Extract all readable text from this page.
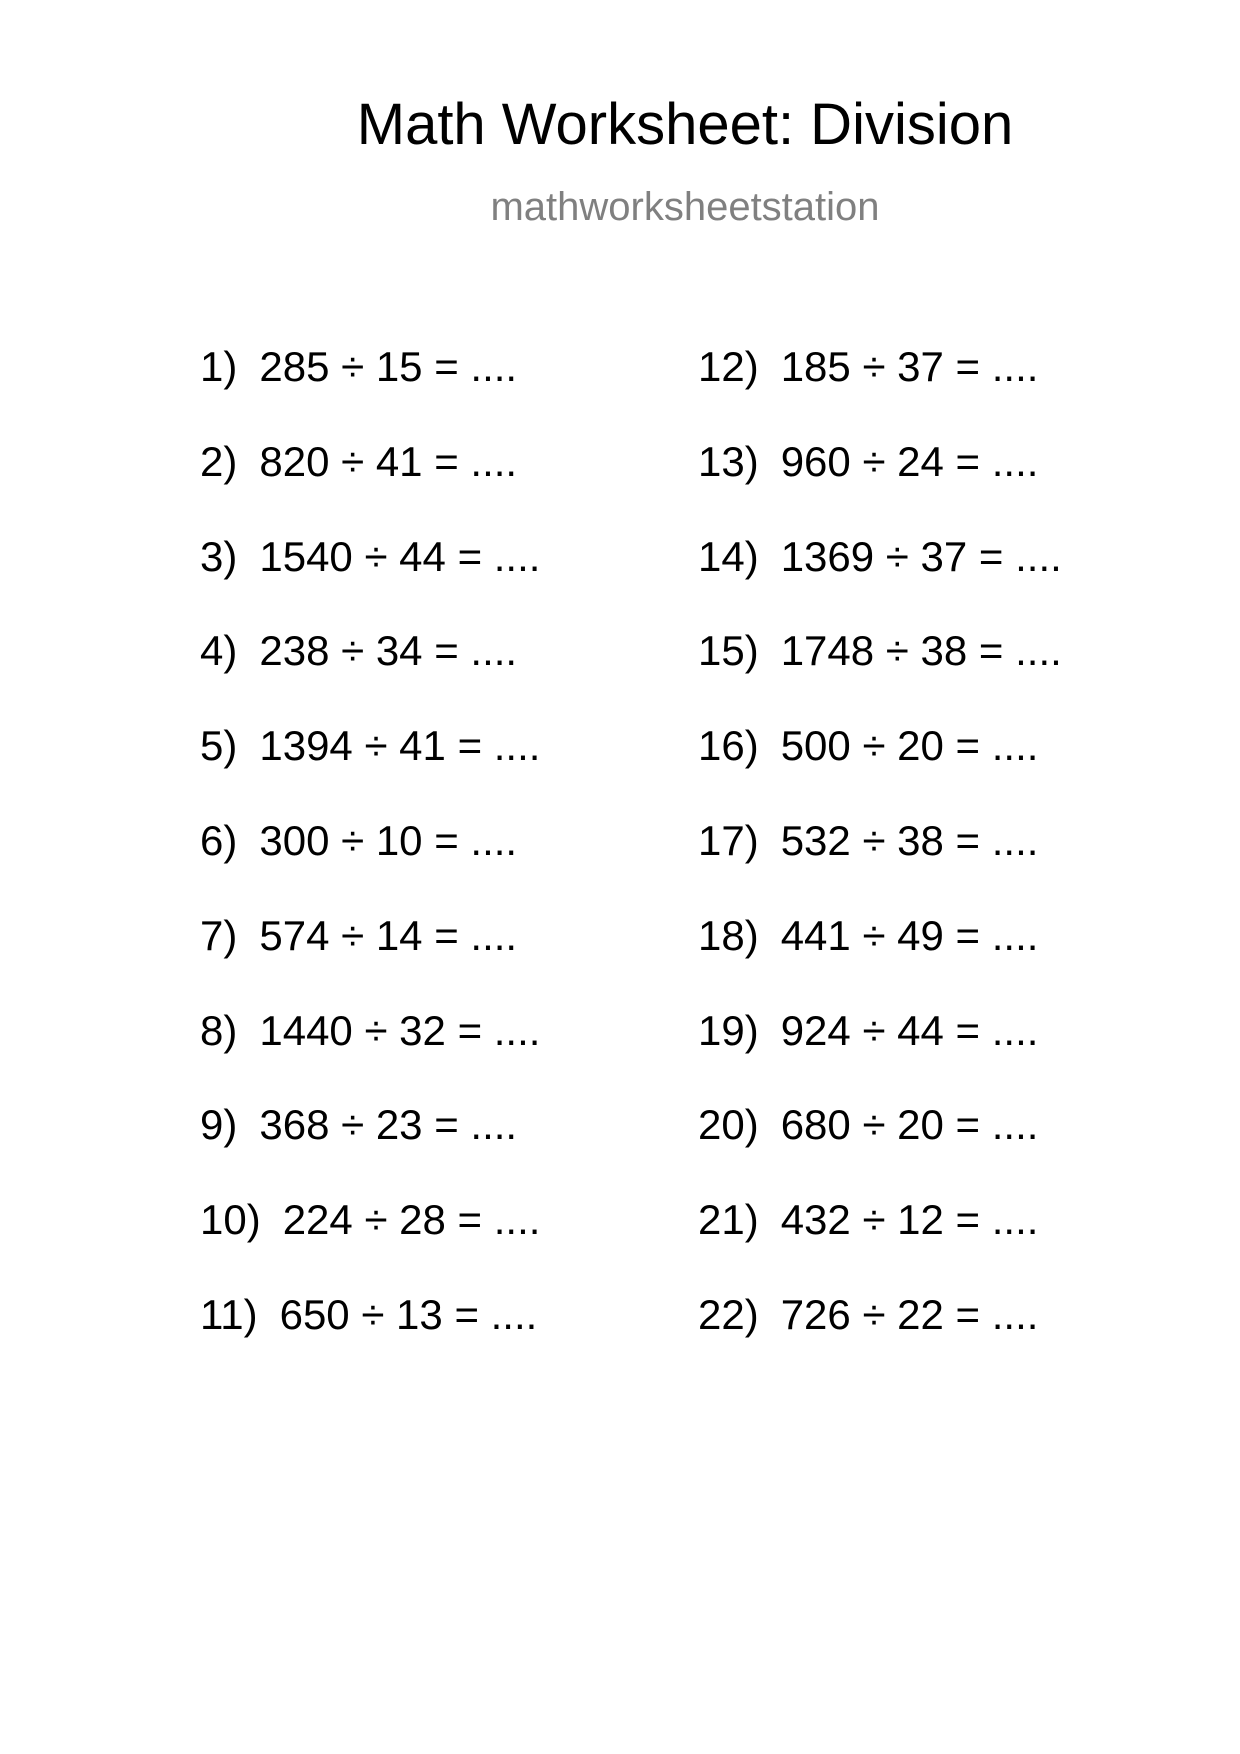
Math Worksheet: Division
mathworksheetstation
1) 285 ÷ 15 = ....
2) 820 ÷ 41 = ....
3) 1540 ÷ 44 = ....
4) 238 ÷ 34 = ....
5) 1394 ÷ 41 = ....
6) 300 ÷ 10 = ....
7) 574 ÷ 14 = ....
8) 1440 ÷ 32 = ....
9) 368 ÷ 23 = ....
10) 224 ÷ 28 = ....
11) 650 ÷ 13 = ....
12) 185 ÷ 37 = ....
13) 960 ÷ 24 = ....
14) 1369 ÷ 37 = ....
15) 1748 ÷ 38 = ....
16) 500 ÷ 20 = ....
17) 532 ÷ 38 = ....
18) 441 ÷ 49 = ....
19) 924 ÷ 44 = ....
20) 680 ÷ 20 = ....
21) 432 ÷ 12 = ....
22) 726 ÷ 22 = ....
